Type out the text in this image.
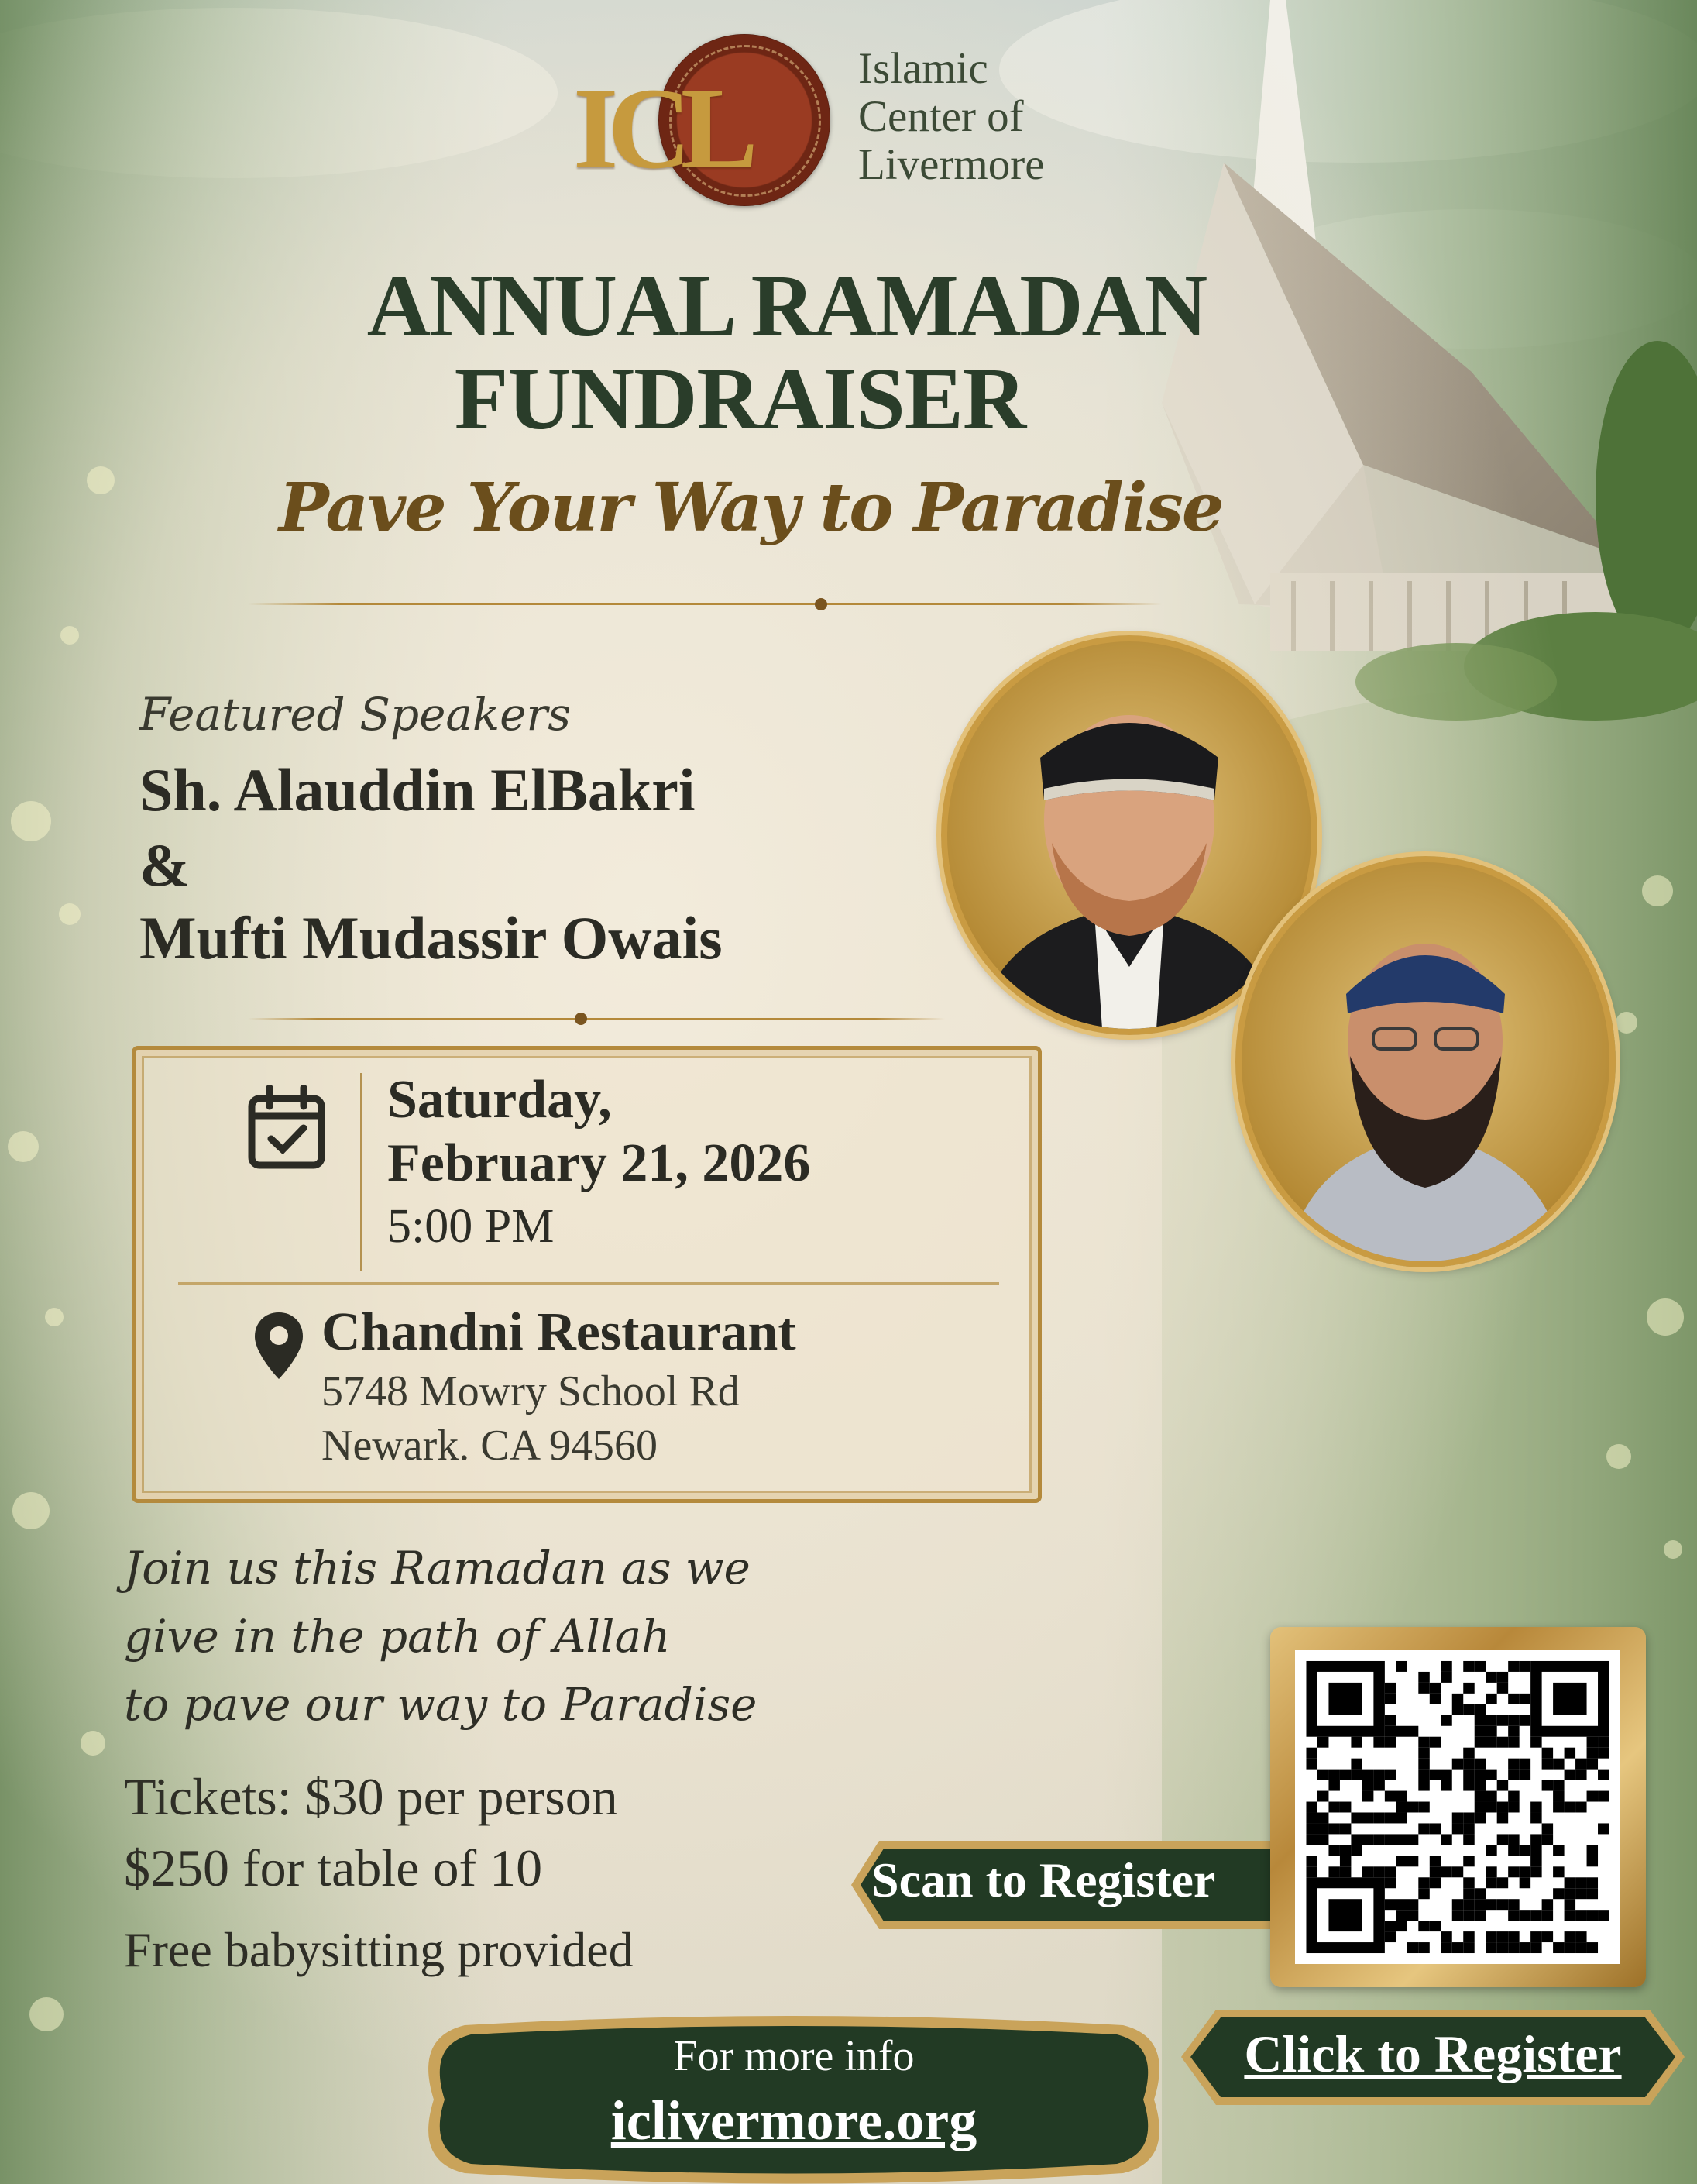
ICL	Islamic
Center of
Livermore
ANNUAL RAMADAN
FUNDRAISER
Pave Your Way to Paradise
Featured Speakers
Sh. Alauddin ElBakri
&
Mufti Mudassir Owais
Saturday,
February 21, 2026
5:00 PM
Chandni Restaurant
5748 Mowry School Rd
Newark. CA 94560
Join us this Ramadan as we
give in the path of Allah
to pave our way to Paradise
Tickets: $30 per person
$250 for table of 10
Free babysitting provided
Scan to Register
For more info
iclivermore.org
Click to Register
